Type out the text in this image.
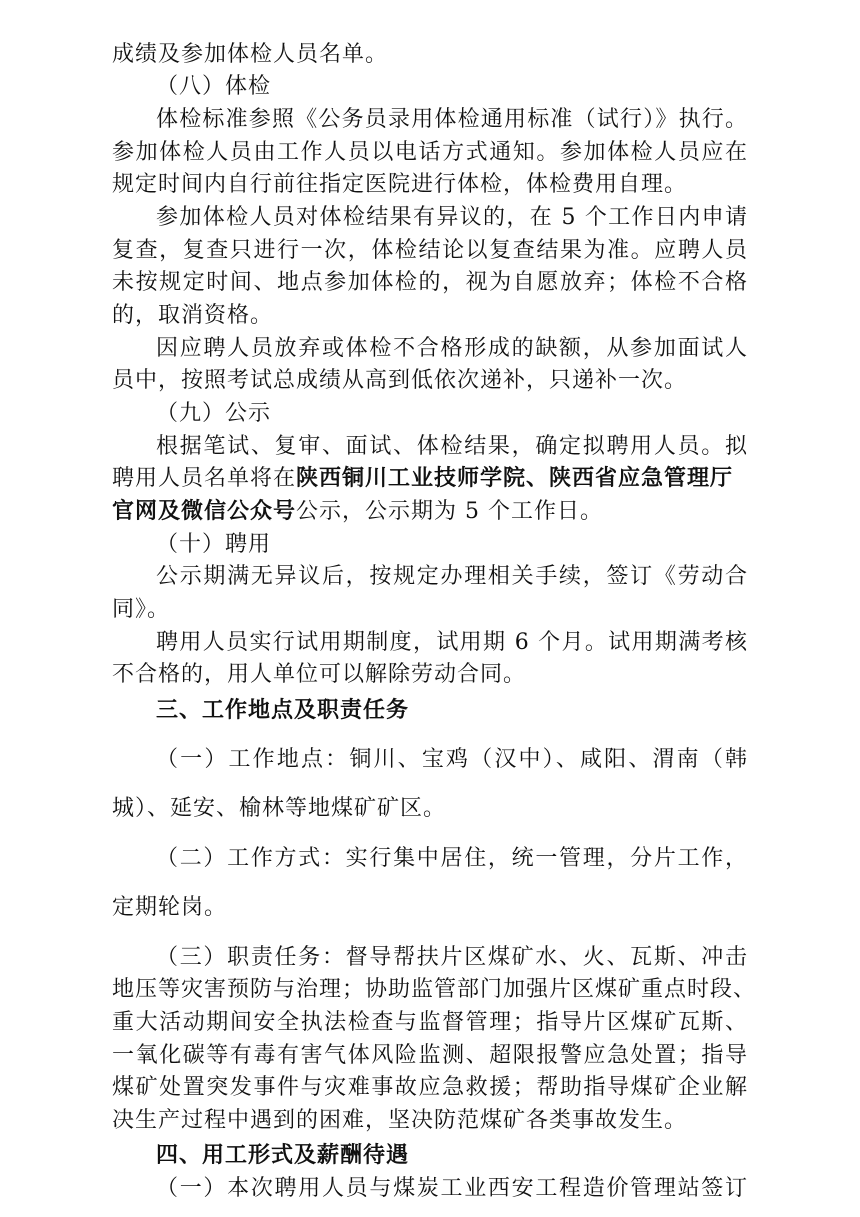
成绩及参加体检人员名单。
（八）体检
体检标准参照《公务员录用体检通用标准（试行）》执行。
参加体检人员由工作人员以电话方式通知。参加体检人员应在
规定时间内自行前往指定医院进行体检，体检费用自理。
参加体检人员对体检结果有异议的，在 5 个工作日内申请
复查，复查只进行一次，体检结论以复查结果为准。应聘人员
未按规定时间、地点参加体检的，视为自愿放弃；体检不合格
的，取消资格。
因应聘人员放弃或体检不合格形成的缺额，从参加面试人
员中，按照考试总成绩从高到低依次递补，只递补一次。
（九）公示
根据笔试、复审、面试、体检结果，确定拟聘用人员。拟
聘用人员名单将在陕西铜川工业技师学院、陕西省应急管理厅
官网及微信公众号公示，公示期为 5 个工作日。
（十）聘用
公示期满无异议后，按规定办理相关手续，签订《劳动合
同》。
聘用人员实行试用期制度，试用期 6 个月。试用期满考核
不合格的，用人单位可以解除劳动合同。
三、工作地点及职责任务
（一）工作地点：铜川、宝鸡（汉中）、咸阳、渭南（韩
城）、延安、榆林等地煤矿矿区。
（二）工作方式：实行集中居住，统一管理，分片工作，
定期轮岗。
（三）职责任务：督导帮扶片区煤矿水、火、瓦斯、冲击
地压等灾害预防与治理；协助监管部门加强片区煤矿重点时段、
重大活动期间安全执法检查与监督管理；指导片区煤矿瓦斯、
一氧化碳等有毒有害气体风险监测、超限报警应急处置；指导
煤矿处置突发事件与灾难事故应急救援；帮助指导煤矿企业解
决生产过程中遇到的困难，坚决防范煤矿各类事故发生。
四、用工形式及薪酬待遇
（一）本次聘用人员与煤炭工业西安工程造价管理站签订
